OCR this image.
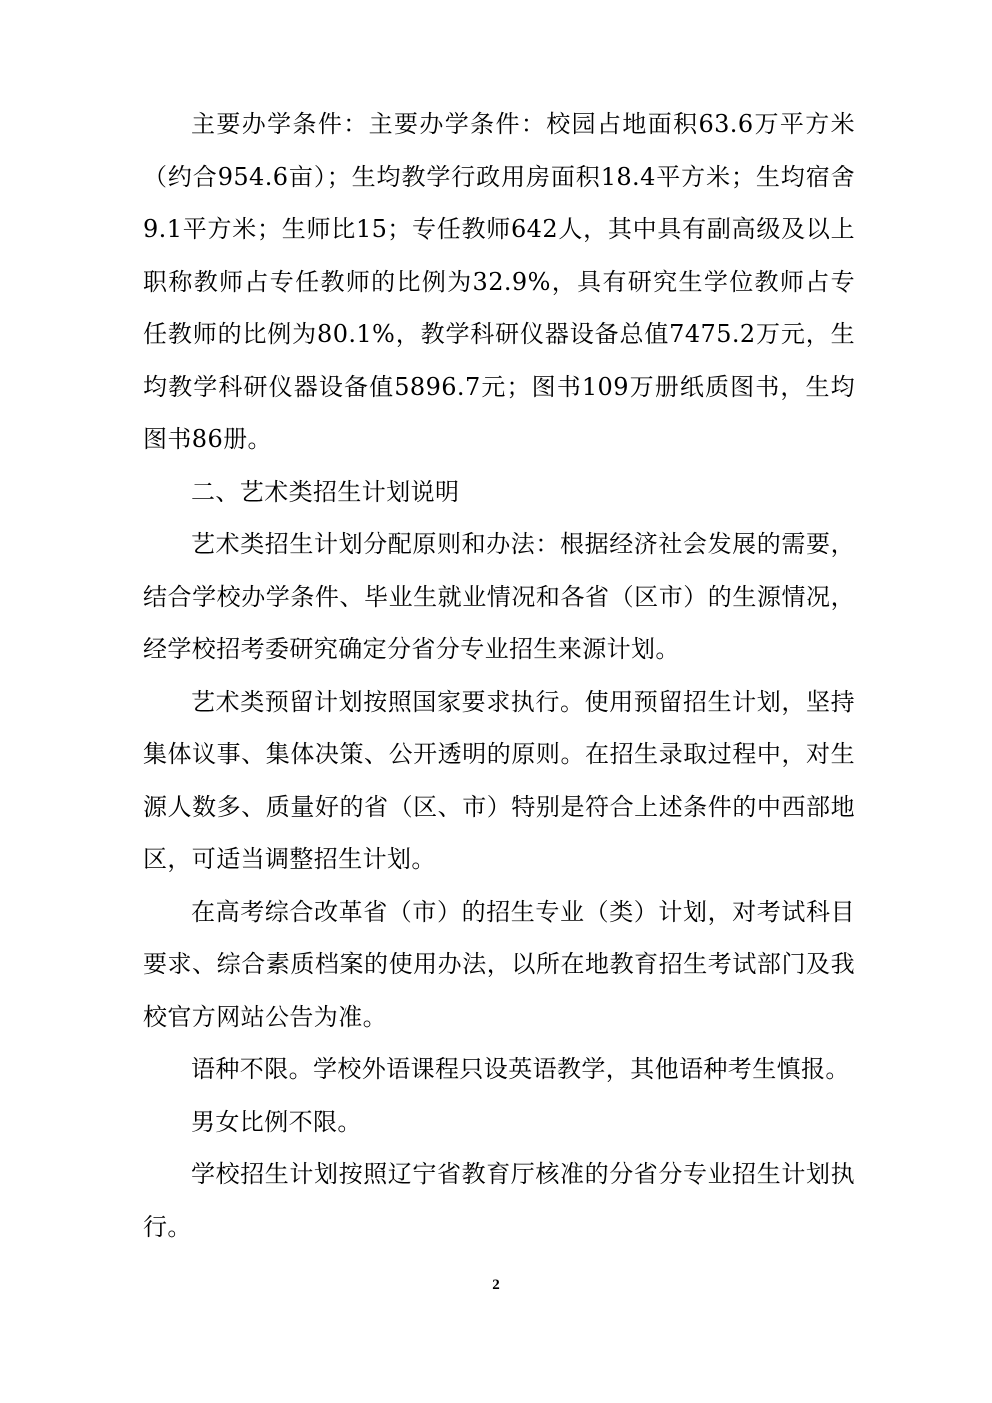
主要办学条件：主要办学条件：校园占地面积63.6万平方米（约合954.6亩）；生均教学行政用房面积18.4平方米；生均宿舍9.1平方米；生师比15；专任教师642人，其中具有副高级及以上职称教师占专任教师的比例为32.9%，具有研究生学位教师占专任教师的比例为80.1%，教学科研仪器设备总值7475.2万元，生均教学科研仪器设备值5896.7元；图书109万册纸质图书，生均图书86册。

二、艺术类招生计划说明

艺术类招生计划分配原则和办法：根据经济社会发展的需要，结合学校办学条件、毕业生就业情况和各省（区市）的生源情况，经学校招考委研究确定分省分专业招生来源计划。

艺术类预留计划按照国家要求执行。使用预留招生计划，坚持集体议事、集体决策、公开透明的原则。在招生录取过程中，对生源人数多、质量好的省（区、市）特别是符合上述条件的中西部地区，可适当调整招生计划。

在高考综合改革省（市）的招生专业（类）计划，对考试科目要求、综合素质档案的使用办法，以所在地教育招生考试部门及我校官方网站公告为准。

语种不限。学校外语课程只设英语教学，其他语种考生慎报。

男女比例不限。

学校招生计划按照辽宁省教育厅核准的分省分专业招生计划执行。

2
